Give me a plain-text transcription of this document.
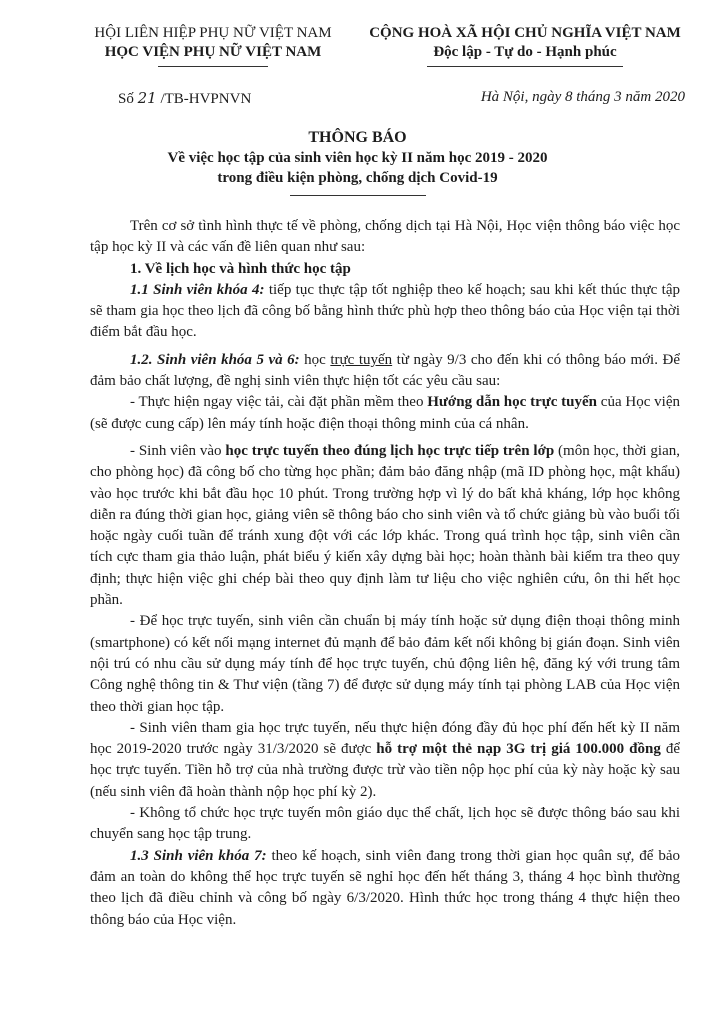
HỘI LIÊN HIỆP PHỤ NỮ VIỆT NAM
HỌC VIỆN PHỤ NỮ VIỆT NAM
CỘNG HOÀ XÃ HỘI CHỦ NGHĨA VIỆT NAM
Độc lập - Tự do - Hạnh phúc
Số 21 /TB-HVPNVN	Hà Nội, ngày 8 tháng 3 năm 2020
THÔNG BÁO
Về việc học tập của sinh viên học kỳ II năm học 2019 - 2020
trong điều kiện phòng, chống dịch Covid-19

Trên cơ sở tình hình thực tế về phòng, chống dịch tại Hà Nội, Học viện thông báo việc học tập học kỳ II và các vấn đề liên quan như sau:

1. Về lịch học và hình thức học tập

1.1 Sinh viên khóa 4: tiếp tục thực tập tốt nghiệp theo kế hoạch; sau khi kết thúc thực tập sẽ tham gia học theo lịch đã công bố bằng hình thức phù hợp theo thông báo của Học viện tại thời điểm bắt đầu học.

1.2. Sinh viên khóa 5 và 6: học trực tuyến từ ngày 9/3 cho đến khi có thông báo mới. Để đảm bảo chất lượng, đề nghị sinh viên thực hiện tốt các yêu cầu sau:

- Thực hiện ngay việc tải, cài đặt phần mềm theo Hướng dẫn học trực tuyến của Học viện (sẽ được cung cấp) lên máy tính hoặc điện thoại thông minh của cá nhân.

- Sinh viên vào học trực tuyến theo đúng lịch học trực tiếp trên lớp (môn học, thời gian, cho phòng học) đã công bố cho từng học phần; đảm bảo đăng nhập (mã ID phòng học, mật khẩu) vào học trước khi bắt đầu học 10 phút. Trong trường hợp vì lý do bất khả kháng, lớp học không diễn ra đúng thời gian học, giảng viên sẽ thông báo cho sinh viên và tổ chức giảng bù vào buổi tối hoặc ngày cuối tuần để tránh xung đột với các lớp khác. Trong quá trình học tập, sinh viên cần tích cực tham gia thảo luận, phát biểu ý kiến xây dựng bài học; hoàn thành bài kiểm tra theo quy định; thực hiện việc ghi chép bài theo quy định làm tư liệu cho việc nghiên cứu, ôn thi hết học phần.

- Để học trực tuyến, sinh viên cần chuẩn bị máy tính hoặc sử dụng điện thoại thông minh (smartphone) có kết nối mạng internet đủ mạnh để bảo đảm kết nối không bị gián đoạn. Sinh viên nội trú có nhu cầu sử dụng máy tính để học trực tuyến, chủ động liên hệ, đăng ký với trung tâm Công nghệ thông tin & Thư viện (tầng 7) để được sử dụng máy tính tại phòng LAB của Học viện theo thời gian học tập.

- Sinh viên tham gia học trực tuyến, nếu thực hiện đóng đầy đủ học phí đến hết kỳ II năm học 2019-2020 trước ngày 31/3/2020 sẽ được hỗ trợ một thẻ nạp 3G trị giá 100.000 đồng để học trực tuyến. Tiền hỗ trợ của nhà trường được trừ vào tiền nộp học phí của kỳ này hoặc kỳ sau (nếu sinh viên đã hoàn thành nộp học phí kỳ 2).

- Không tổ chức học trực tuyến môn giáo dục thể chất, lịch học sẽ được thông báo sau khi chuyển sang học tập trung.

1.3 Sinh viên khóa 7: theo kế hoạch, sinh viên đang trong thời gian học quân sự, để bảo đảm an toàn do không thể học trực tuyến sẽ nghỉ học đến hết tháng 3, tháng 4 học bình thường theo lịch đã điều chỉnh và công bố ngày 6/3/2020. Hình thức học trong tháng 4 thực hiện theo thông báo của Học viện.
